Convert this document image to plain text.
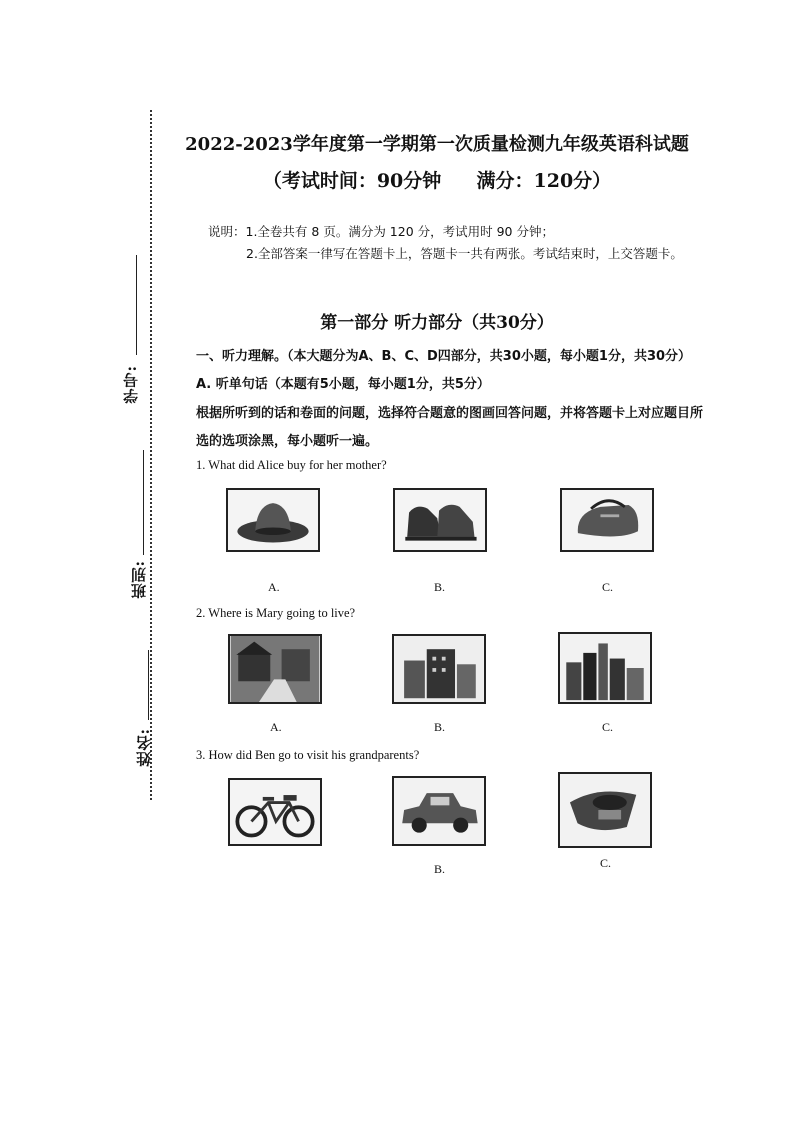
学号:
班别:
姓名:
2022-2023学年度第一学期第一次质量检测九年级英语科试题
（考试时间：90分钟 满分：120分）
说明：1.全卷共有 8 页。满分为 120 分，考试用时 90 分钟；
2.全部答案一律写在答题卡上，答题卡一共有两张。考试结束时，上交答题卡。
第一部分 听力部分（共30分）
一、听力理解。（本大题分为A、B、C、D四部分，共30小题，每小题1分，共30分）
A. 听单句话（本题有5小题，每小题1分，共5分）
根据所听到的话和卷面的问题，选择符合题意的图画回答问题，并将答题卡上对应题目所
选的选项涂黑，每小题听一遍。
1. What did Alice buy for her mother?
A.	B.	C.
2. Where is Mary going to live?
A.	B.	C.
3. How did Ben go to visit his grandparents?
B.	C.
